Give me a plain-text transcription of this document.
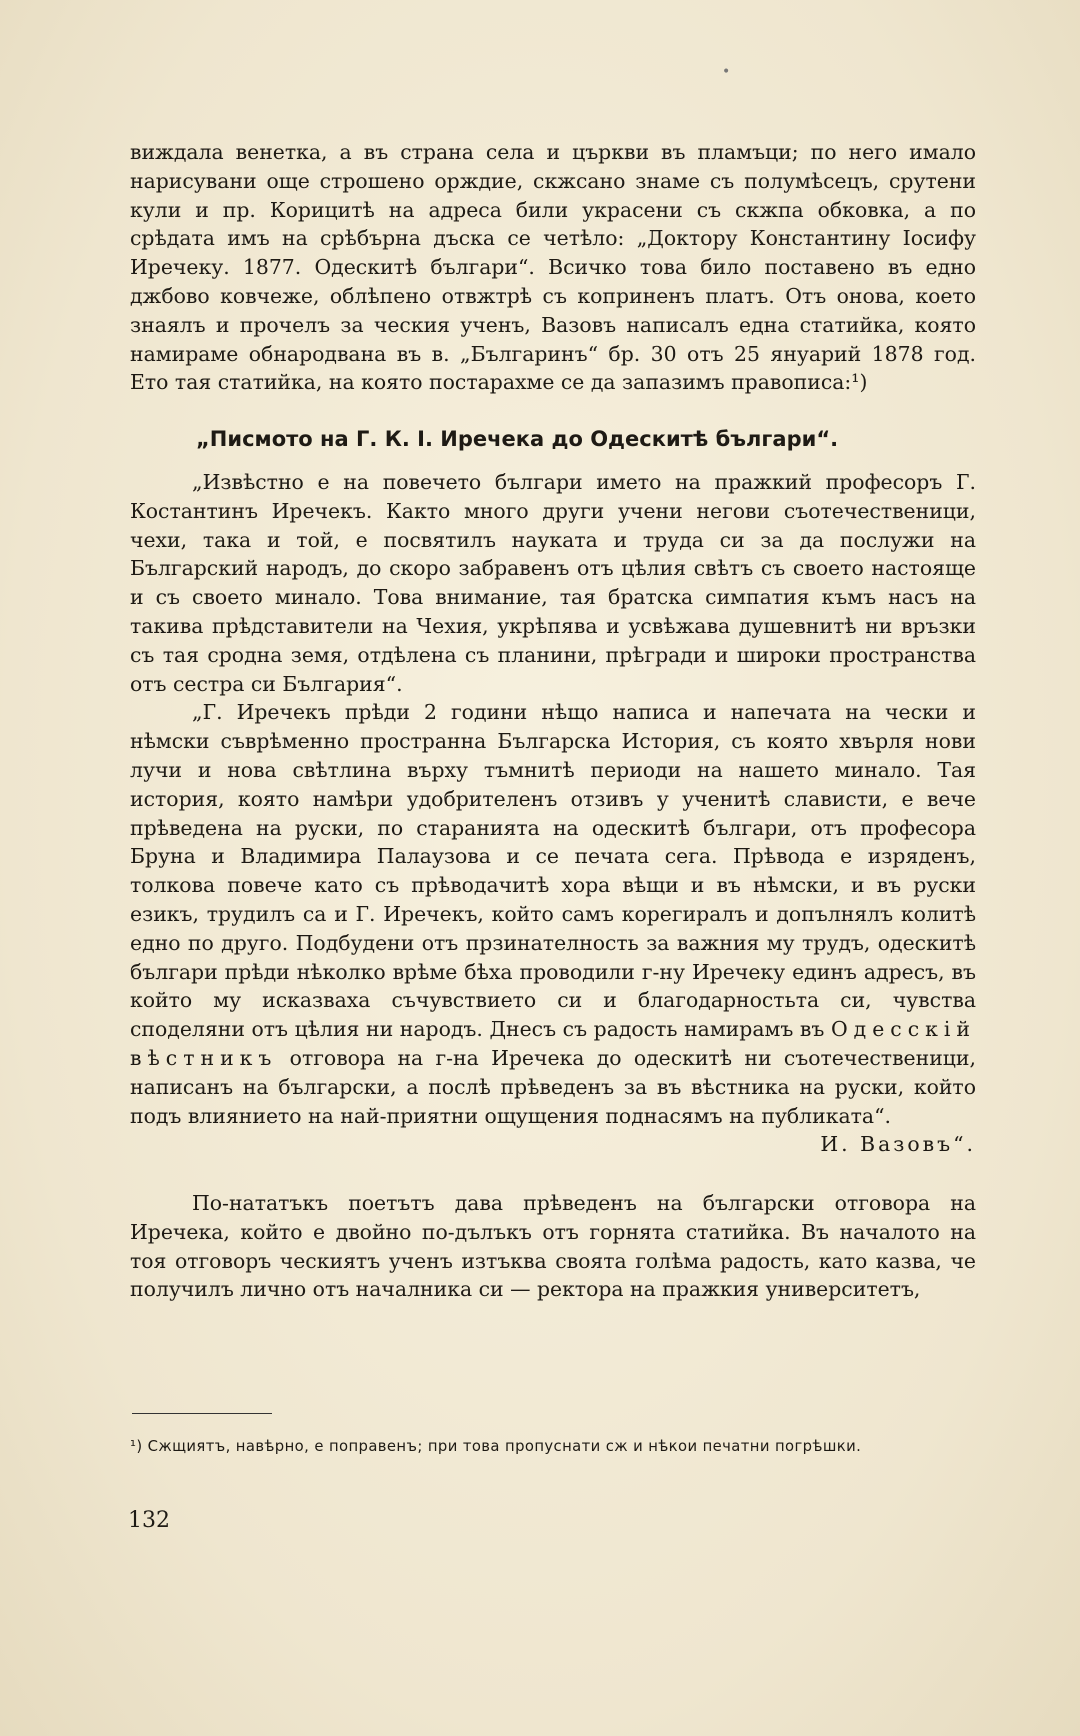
•

виждала венетка, а въ страна села и църкви въ пламъци; по него имало нарисувани още строшено орждие, скжсано знаме съ полумѣсецъ, срутени кули и пр. Корицитѣ на адреса били украсени съ скжпа обковка, а по срѣдата имъ на срѣбърна дъска се четѣло: „Доктору Константину Іосифу Иречеку. 1877. Одескитѣ българи“. Всичко това било поставено въ едно джбово ковчеже, облѣпено отвжтрѣ съ коприненъ платъ. Отъ онова, което знаялъ и прочелъ за ческия ученъ, Вазовъ написалъ една статийка, която намираме обнародвана въ в. „Българинъ“ бр. 30 отъ 25 януарий 1878 год. Ето тая статийка, на която постарахме се да запазимъ правописа:¹)

„Писмото на Г. К. І. Иречека до Одескитѣ българи“.

„Извѣстно е на повечето българи името на пражкий професоръ Г. Костантинъ Иречекъ. Както много други учени негови съотечественици, чехи, така и той, е посвятилъ науката и труда си за да послужи на Българский народъ, до скоро забравенъ отъ цѣлия свѣтъ съ своето настояще и съ своето минало. Това внимание, тая братска симпатия къмъ насъ на такива прѣдставители на Чехия, укрѣпява и усвѣжава душевнитѣ ни връзки съ тая сродна земя, отдѣлена съ планини, прѣгради и широки пространства отъ сестра си България“.

„Г. Иречекъ прѣди 2 години нѣщо написа и напечата на чески и нѣмски съврѣменно пространна Българска История, съ която хвърля нови лучи и нова свѣтлина върху тъмнитѣ периоди на нашето минало. Тая история, която намѣри удобрителенъ отзивъ у ученитѣ слависти, е вече прѣведена на руски, по старанията на одескитѣ българи, отъ професора Бруна и Владимира Палаузова и се печата сега. Прѣвода е изряденъ, толкова повече като съ прѣводачитѣ хора вѣщи и въ нѣмски, и въ руски езикъ, трудилъ са и Г. Иречекъ, който самъ корегиралъ и допълнялъ колитѣ едно по друго. Подбудени отъ прзинателность за важния му трудъ, одескитѣ българи прѣди нѣколко врѣме бѣха проводили г-ну Иречеку единъ адресъ, въ който му исказваха съчувствието си и благодарностьта си, чувства споделяни отъ цѣлия ни народъ. Днесъ съ радость намирамъ въ Одесскій вѣстникъ отговора на г-на Иречека до одескитѣ ни съотечественици, написанъ на български, а послѣ прѣведенъ за въ вѣстника на руски, който подъ влиянието на най-приятни ощущения поднасямъ на публиката“.

И. Вазовъ“.

По-нататъкъ поетътъ дава прѣведенъ на български отговора на Иречека, който е двойно по-дълъкъ отъ горнята статийка. Въ началото на тоя отговоръ ческиятъ ученъ изтъква своята голѣма радость, като казва, че получилъ лично отъ началника си — ректора на пражкия университетъ,

¹) Сжщиятъ, навѣрно, е поправенъ; при това пропуснати сж и нѣкои печатни погрѣшки.

132
